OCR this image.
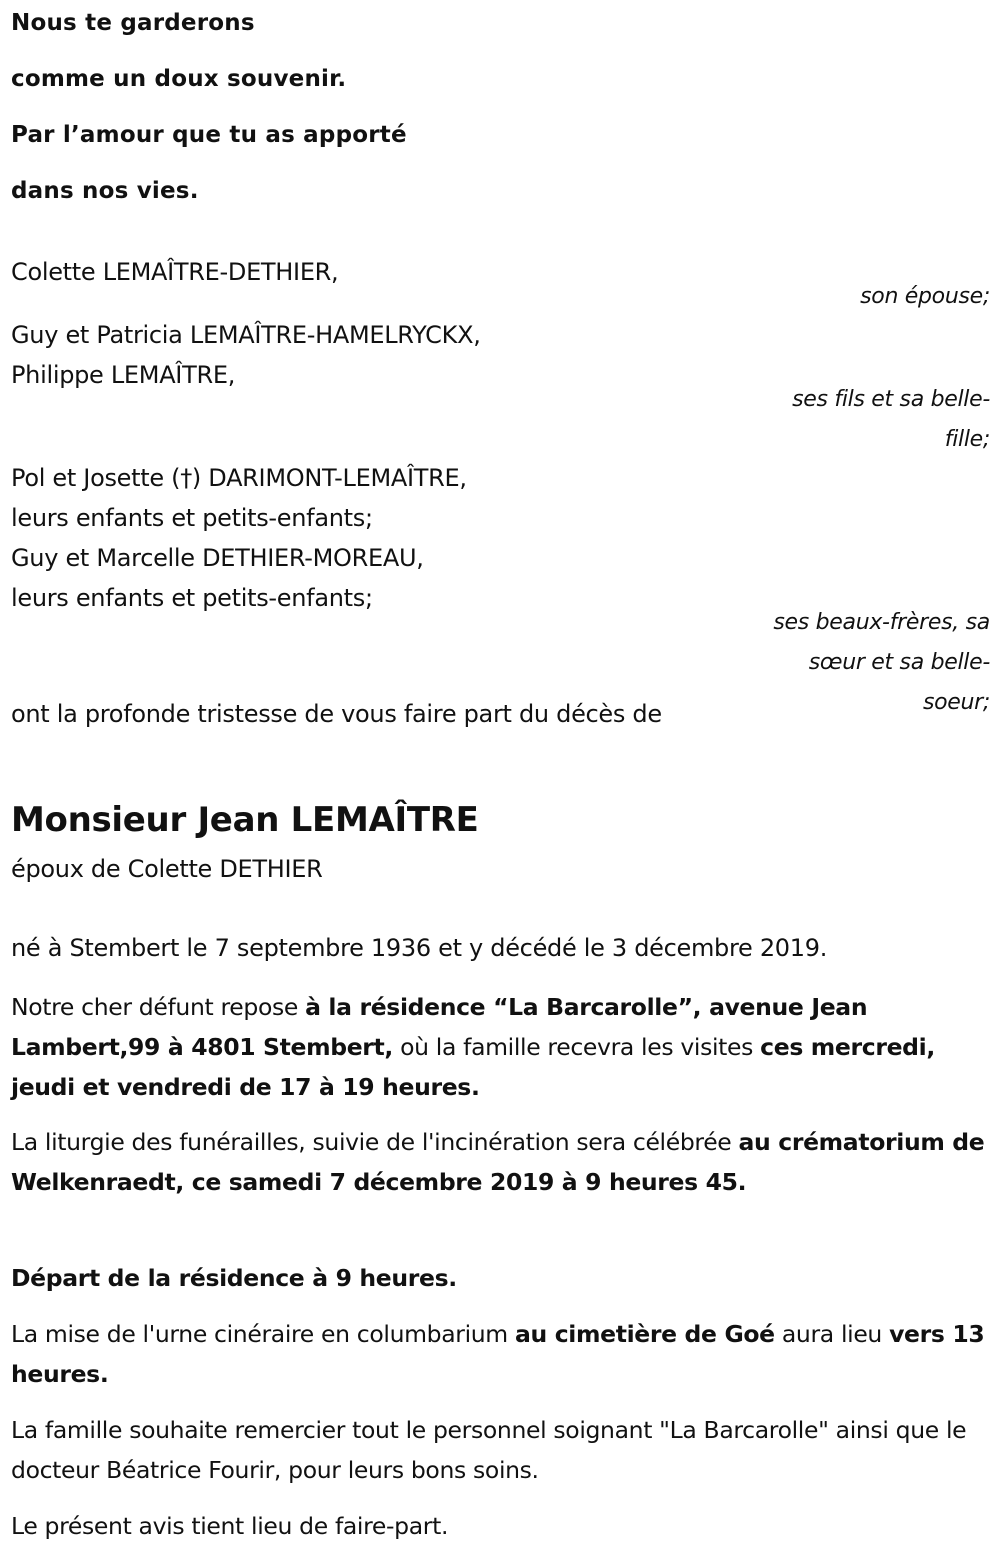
Nous te garderons
comme un doux souvenir.
Par l’amour que tu as apporté
dans nos vies.
Colette LEMAÎTRE-DETHIER,
son épouse;
Guy et Patricia LEMAÎTRE-HAMELRYCKX,
Philippe LEMAÎTRE,
ses fils et sa belle-
fille;
Pol et Josette (†) DARIMONT-LEMAÎTRE,
leurs enfants et petits-enfants;
Guy et Marcelle DETHIER-MOREAU,
leurs enfants et petits-enfants;
ses beaux-frères, sa
sœur et sa belle-
soeur;
ont la profonde tristesse de vous faire part du décès de
Monsieur Jean LEMAÎTRE
époux de Colette DETHIER
né à Stembert le 7 septembre 1936 et y décédé le 3 décembre 2019.
Notre cher défunt repose à la résidence “La Barcarolle”, avenue Jean Lambert,99 à 4801 Stembert, où la famille recevra les visites ces mercredi, jeudi et vendredi de 17 à 19 heures.
La liturgie des funérailles, suivie de l'incinération sera célébrée au crématorium de Welkenraedt, ce samedi 7 décembre 2019 à 9 heures 45.
Départ de la résidence à 9 heures.
La mise de l'urne cinéraire en columbarium au cimetière de Goé aura lieu vers 13 heures.
La famille souhaite remercier tout le personnel soignant "La Barcarolle" ainsi que le docteur Béatrice Fourir, pour leurs bons soins.
Le présent avis tient lieu de faire-part.
